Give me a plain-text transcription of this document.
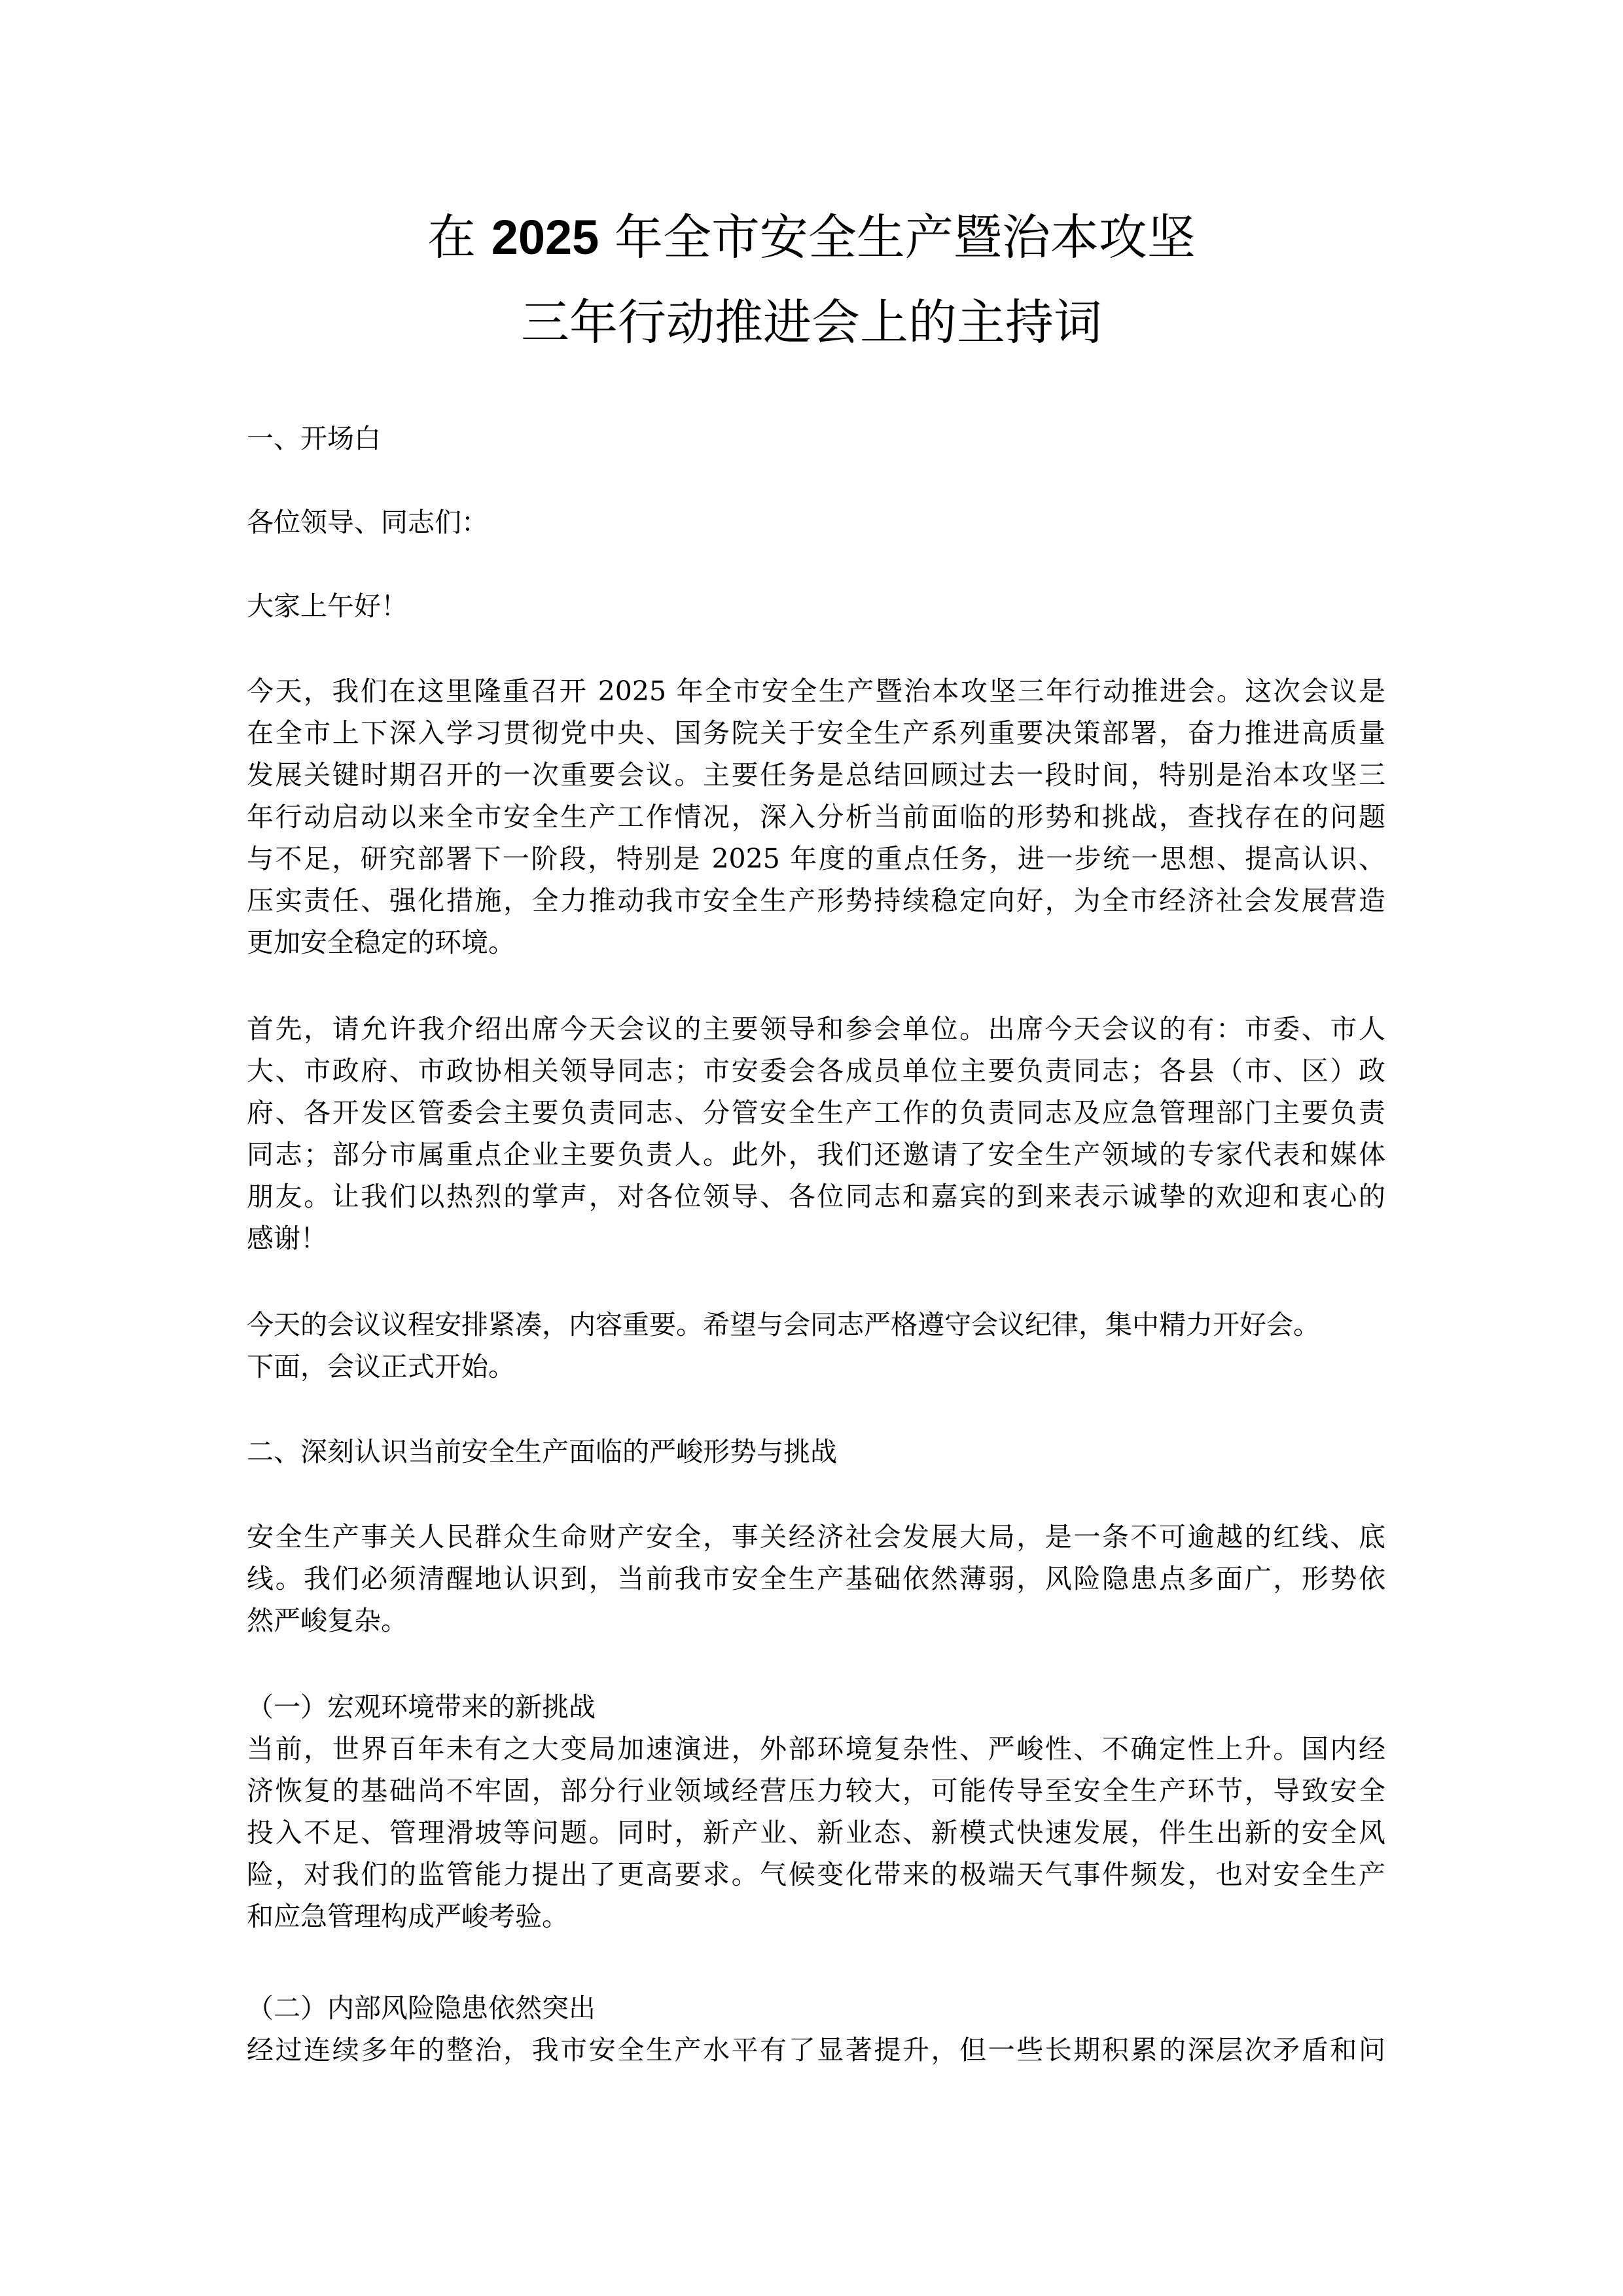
在 2025 年全市安全生产暨治本攻坚
三年行动推进会上的主持词
一、开场白
各位领导、同志们：
大家上午好！
今天，我们在这里隆重召开 2025 年全市安全生产暨治本攻坚三年行动推进会。这次会议是
在全市上下深入学习贯彻党中央、国务院关于安全生产系列重要决策部署，奋力推进高质量
发展关键时期召开的一次重要会议。主要任务是总结回顾过去一段时间，特别是治本攻坚三
年行动启动以来全市安全生产工作情况，深入分析当前面临的形势和挑战，查找存在的问题
与不足，研究部署下一阶段，特别是 2025 年度的重点任务，进一步统一思想、提高认识、
压实责任、强化措施，全力推动我市安全生产形势持续稳定向好，为全市经济社会发展营造
更加安全稳定的环境。
首先，请允许我介绍出席今天会议的主要领导和参会单位。出席今天会议的有：市委、市人
大、市政府、市政协相关领导同志；市安委会各成员单位主要负责同志；各县（市、区）政
府、各开发区管委会主要负责同志、分管安全生产工作的负责同志及应急管理部门主要负责
同志；部分市属重点企业主要负责人。此外，我们还邀请了安全生产领域的专家代表和媒体
朋友。让我们以热烈的掌声，对各位领导、各位同志和嘉宾的到来表示诚挚的欢迎和衷心的
感谢！
今天的会议议程安排紧凑，内容重要。希望与会同志严格遵守会议纪律，集中精力开好会。
下面，会议正式开始。
二、深刻认识当前安全生产面临的严峻形势与挑战
安全生产事关人民群众生命财产安全，事关经济社会发展大局，是一条不可逾越的红线、底
线。我们必须清醒地认识到，当前我市安全生产基础依然薄弱，风险隐患点多面广，形势依
然严峻复杂。
（一）宏观环境带来的新挑战
当前，世界百年未有之大变局加速演进，外部环境复杂性、严峻性、不确定性上升。国内经
济恢复的基础尚不牢固，部分行业领域经营压力较大，可能传导至安全生产环节，导致安全
投入不足、管理滑坡等问题。同时，新产业、新业态、新模式快速发展，伴生出新的安全风
险，对我们的监管能力提出了更高要求。气候变化带来的极端天气事件频发，也对安全生产
和应急管理构成严峻考验。
（二）内部风险隐患依然突出
经过连续多年的整治，我市安全生产水平有了显著提升，但一些长期积累的深层次矛盾和问
